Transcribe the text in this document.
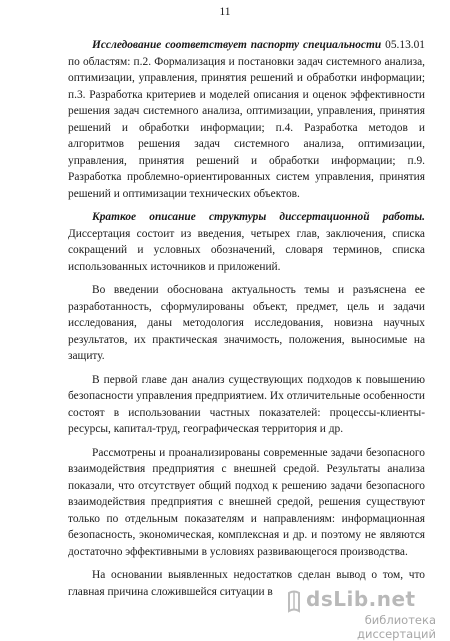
11

Исследование соответствует паспорту специальности 05.13.01 по областям: п.2. Формализация и постановки задач системного анализа, оптимизации, управления, принятия решений и обработки информации; п.3. Разработка критериев и моделей описания и оценок эффективности решения задач системного анализа, оптимизации, управления, принятия решений и обработки информации; п.4. Разработка методов и алгоритмов решения задач системного анализа, оптимизации, управления, принятия решений и обработки информации; п.9. Разработка проблемно-ориентированных систем управления, принятия решений и оптимизации технических объектов.

Краткое описание структуры диссертационной работы. Диссертация состоит из введения, четырех глав, заключения, списка сокращений и условных обозначений, словаря терминов, списка использованных источников и приложений.

Во введении обоснована актуальность темы и разъяснена ее разработанность, сформулированы объект, предмет, цель и задачи исследования, даны методология исследования, новизна научных результатов, их практическая значимость, положения, выносимые на защиту.

В первой главе дан анализ существующих подходов к повышению безопасности управления предприятием. Их отличительные особенности состоят в использовании частных показателей: процессы-клиенты-ресурсы, капитал-труд, географическая территория и др.

Рассмотрены и проанализированы современные задачи безопасного взаимодействия предприятия с внешней средой. Результаты анализа показали, что отсутствует общий подход к решению задачи безопасного взаимодействия предприятия с внешней средой, решения существуют только по отдельным показателям и направлениям: информационная безопасность, экономическая, комплексная и др. и поэтому не являются достаточно эффективными в условиях развивающегося производства.

На основании выявленных недостатков сделан вывод о том, что главная причина сложившейся ситуации в	dsLib.net
библиотека диссертаций
